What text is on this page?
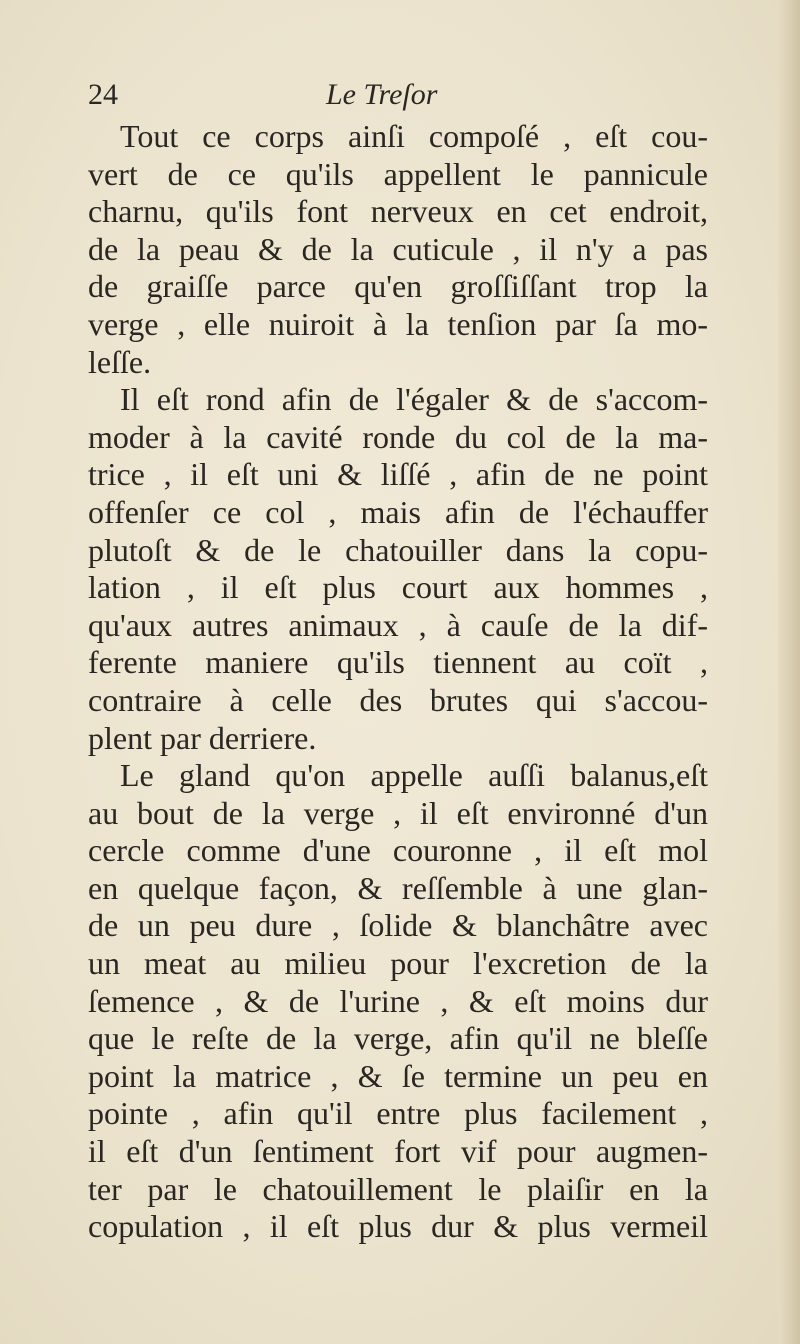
24	Le Treſor
Tout ce corps ainſi compoſé , eſt cou-
vert de ce qu'ils appellent le pannicule
charnu, qu'ils font nerveux en cet endroit,
de la peau & de la cuticule , il n'y a pas
de graiſſe parce qu'en groſſiſſant trop la
verge , elle nuiroit à la tenſion par ſa mo-
leſſe.
Il eſt rond afin de l'égaler & de s'accom-
moder à la cavité ronde du col de la ma-
trice , il eſt uni & liſſé , afin de ne point
offenſer ce col , mais afin de l'échauffer
plutoſt & de le chatouiller dans la copu-
lation , il eſt plus court aux hommes ,
qu'aux autres animaux , à cauſe de la dif-
ferente maniere qu'ils tiennent au coït ,
contraire à celle des brutes qui s'accou-
plent par derriere.
Le gland qu'on appelle auſſi balanus,eſt
au bout de la verge , il eſt environné d'un
cercle comme d'une couronne , il eſt mol
en quelque façon, & reſſemble à une glan-
de un peu dure , ſolide & blanchâtre avec
un meat au milieu pour l'excretion de la
ſemence , & de l'urine , & eſt moins dur
que le reſte de la verge, afin qu'il ne bleſſe
point la matrice , & ſe termine un peu en
pointe , afin qu'il entre plus facilement ,
il eſt d'un ſentiment fort vif pour augmen-
ter par le chatouillement le plaiſir en la
copulation , il eſt plus dur & plus vermeil
